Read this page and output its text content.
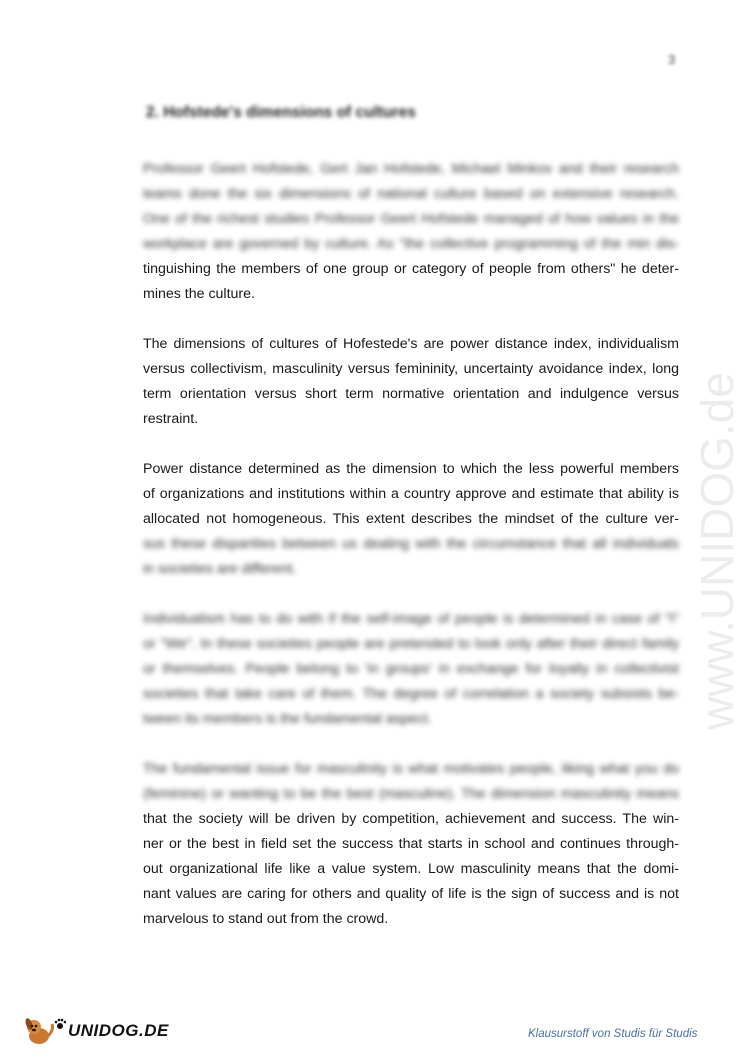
3
2. Hofstede's dimensions of cultures
www.UNIDOG.de
Professor Geert Hofstede, Gert Jan Hofstede, Michael Minkov and their research
teams done the six dimensions of national culture based on extensive research.
One of the richest studies Professor Geert Hofstede managed of how values in the
workplace are governed by culture. As "the collective programming of the min dis-
tinguishing the members of one group or category of people from others" he deter-
mines the culture.
The dimensions of cultures of Hofestede's are power distance index, individualism
versus collectivism, masculinity versus femininity, uncertainty avoidance index, long
term orientation versus short term normative orientation and indulgence versus
restraint.
Power distance determined as the dimension to which the less powerful members
of organizations and institutions within a country approve and estimate that ability is
allocated not homogeneous. This extent describes the mindset of the culture ver-
sus these disparities between us dealing with the circumstance that all individuals
in societies are different.
Individualism has to do with if the self-image of people is determined in case of "I"
or "We". In these societies people are pretended to look only after their direct family
or themselves. People belong to 'in groups' in exchange for loyalty in collectivist
societies that take care of them. The degree of correlation a society subsists be-
tween its members is the fundamental aspect.
The fundamental issue for masculinity is what motivates people, liking what you do
(feminine) or wanting to be the best (masculine). The dimension masculinity means
that the society will be driven by competition, achievement and success. The win-
ner or the best in field set the success that starts in school and continues through-
out organizational life like a value system. Low masculinity means that the domi-
nant values are caring for others and quality of life is the sign of success and is not
marvelous to stand out from the crowd.
UNIDOG.DE	Klausurstoff von Studis für Studis
